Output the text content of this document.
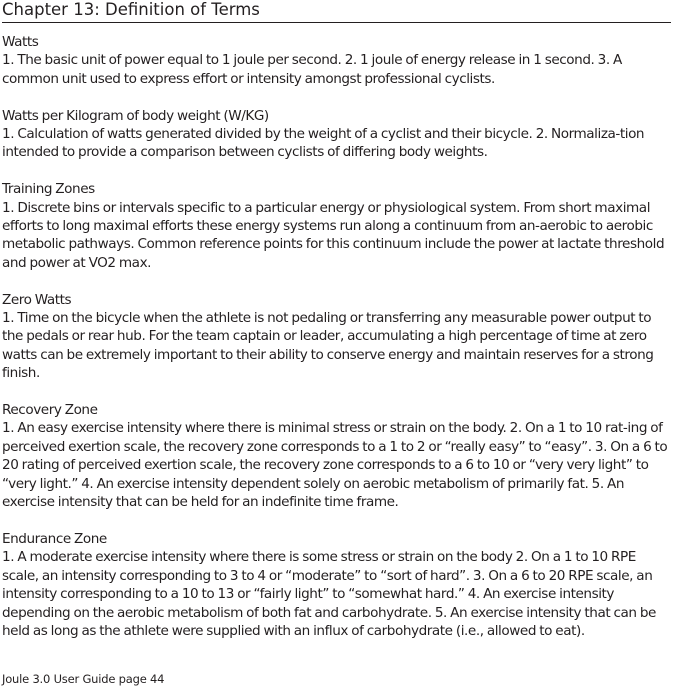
Chapter 13: Definition of Terms

Watts

1. The basic unit of power equal to 1 joule per second. 2. 1 joule of energy release in 1 second. 3. A common unit used to express effort or intensity amongst professional cyclists.

Watts per Kilogram of body weight (W/KG)

1. Calculation of watts generated divided by the weight of a cyclist and their bicycle. 2. Normaliza-tion intended to provide a comparison between cyclists of differing body weights.

Training Zones

1. Discrete bins or intervals specific to a particular energy or physiological system. From short maximal efforts to long maximal efforts these energy systems run along a continuum from an-aerobic to aerobic metabolic pathways. Common reference points for this continuum include the power at lactate threshold and power at VO2 max.

Zero Watts

1. Time on the bicycle when the athlete is not pedaling or transferring any measurable power output to the pedals or rear hub. For the team captain or leader, accumulating a high percentage of time at zero watts can be extremely important to their ability to conserve energy and maintain reserves for a strong finish.

Recovery Zone

1. An easy exercise intensity where there is minimal stress or strain on the body. 2. On a 1 to 10 rat-ing of perceived exertion scale, the recovery zone corresponds to a 1 to 2 or “really easy” to “easy”. 3. On a 6 to 20 rating of perceived exertion scale, the recovery zone corresponds to a 6 to 10 or “very very light” to “very light.” 4. An exercise intensity dependent solely on aerobic metabolism of primarily fat. 5. An exercise intensity that can be held for an indefinite time frame.

Endurance Zone

1. A moderate exercise intensity where there is some stress or strain on the body 2. On a 1 to 10 RPE scale, an intensity corresponding to 3 to 4 or “moderate” to “sort of hard”. 3. On a 6 to 20 RPE scale, an intensity corresponding to a 10 to 13 or “fairly light” to “somewhat hard.” 4. An exercise intensity depending on the aerobic metabolism of both fat and carbohydrate. 5. An exercise intensity that can be held as long as the athlete were supplied with an influx of carbohydrate (i.e., allowed to eat).

Joule 3.0 User Guide page 44
